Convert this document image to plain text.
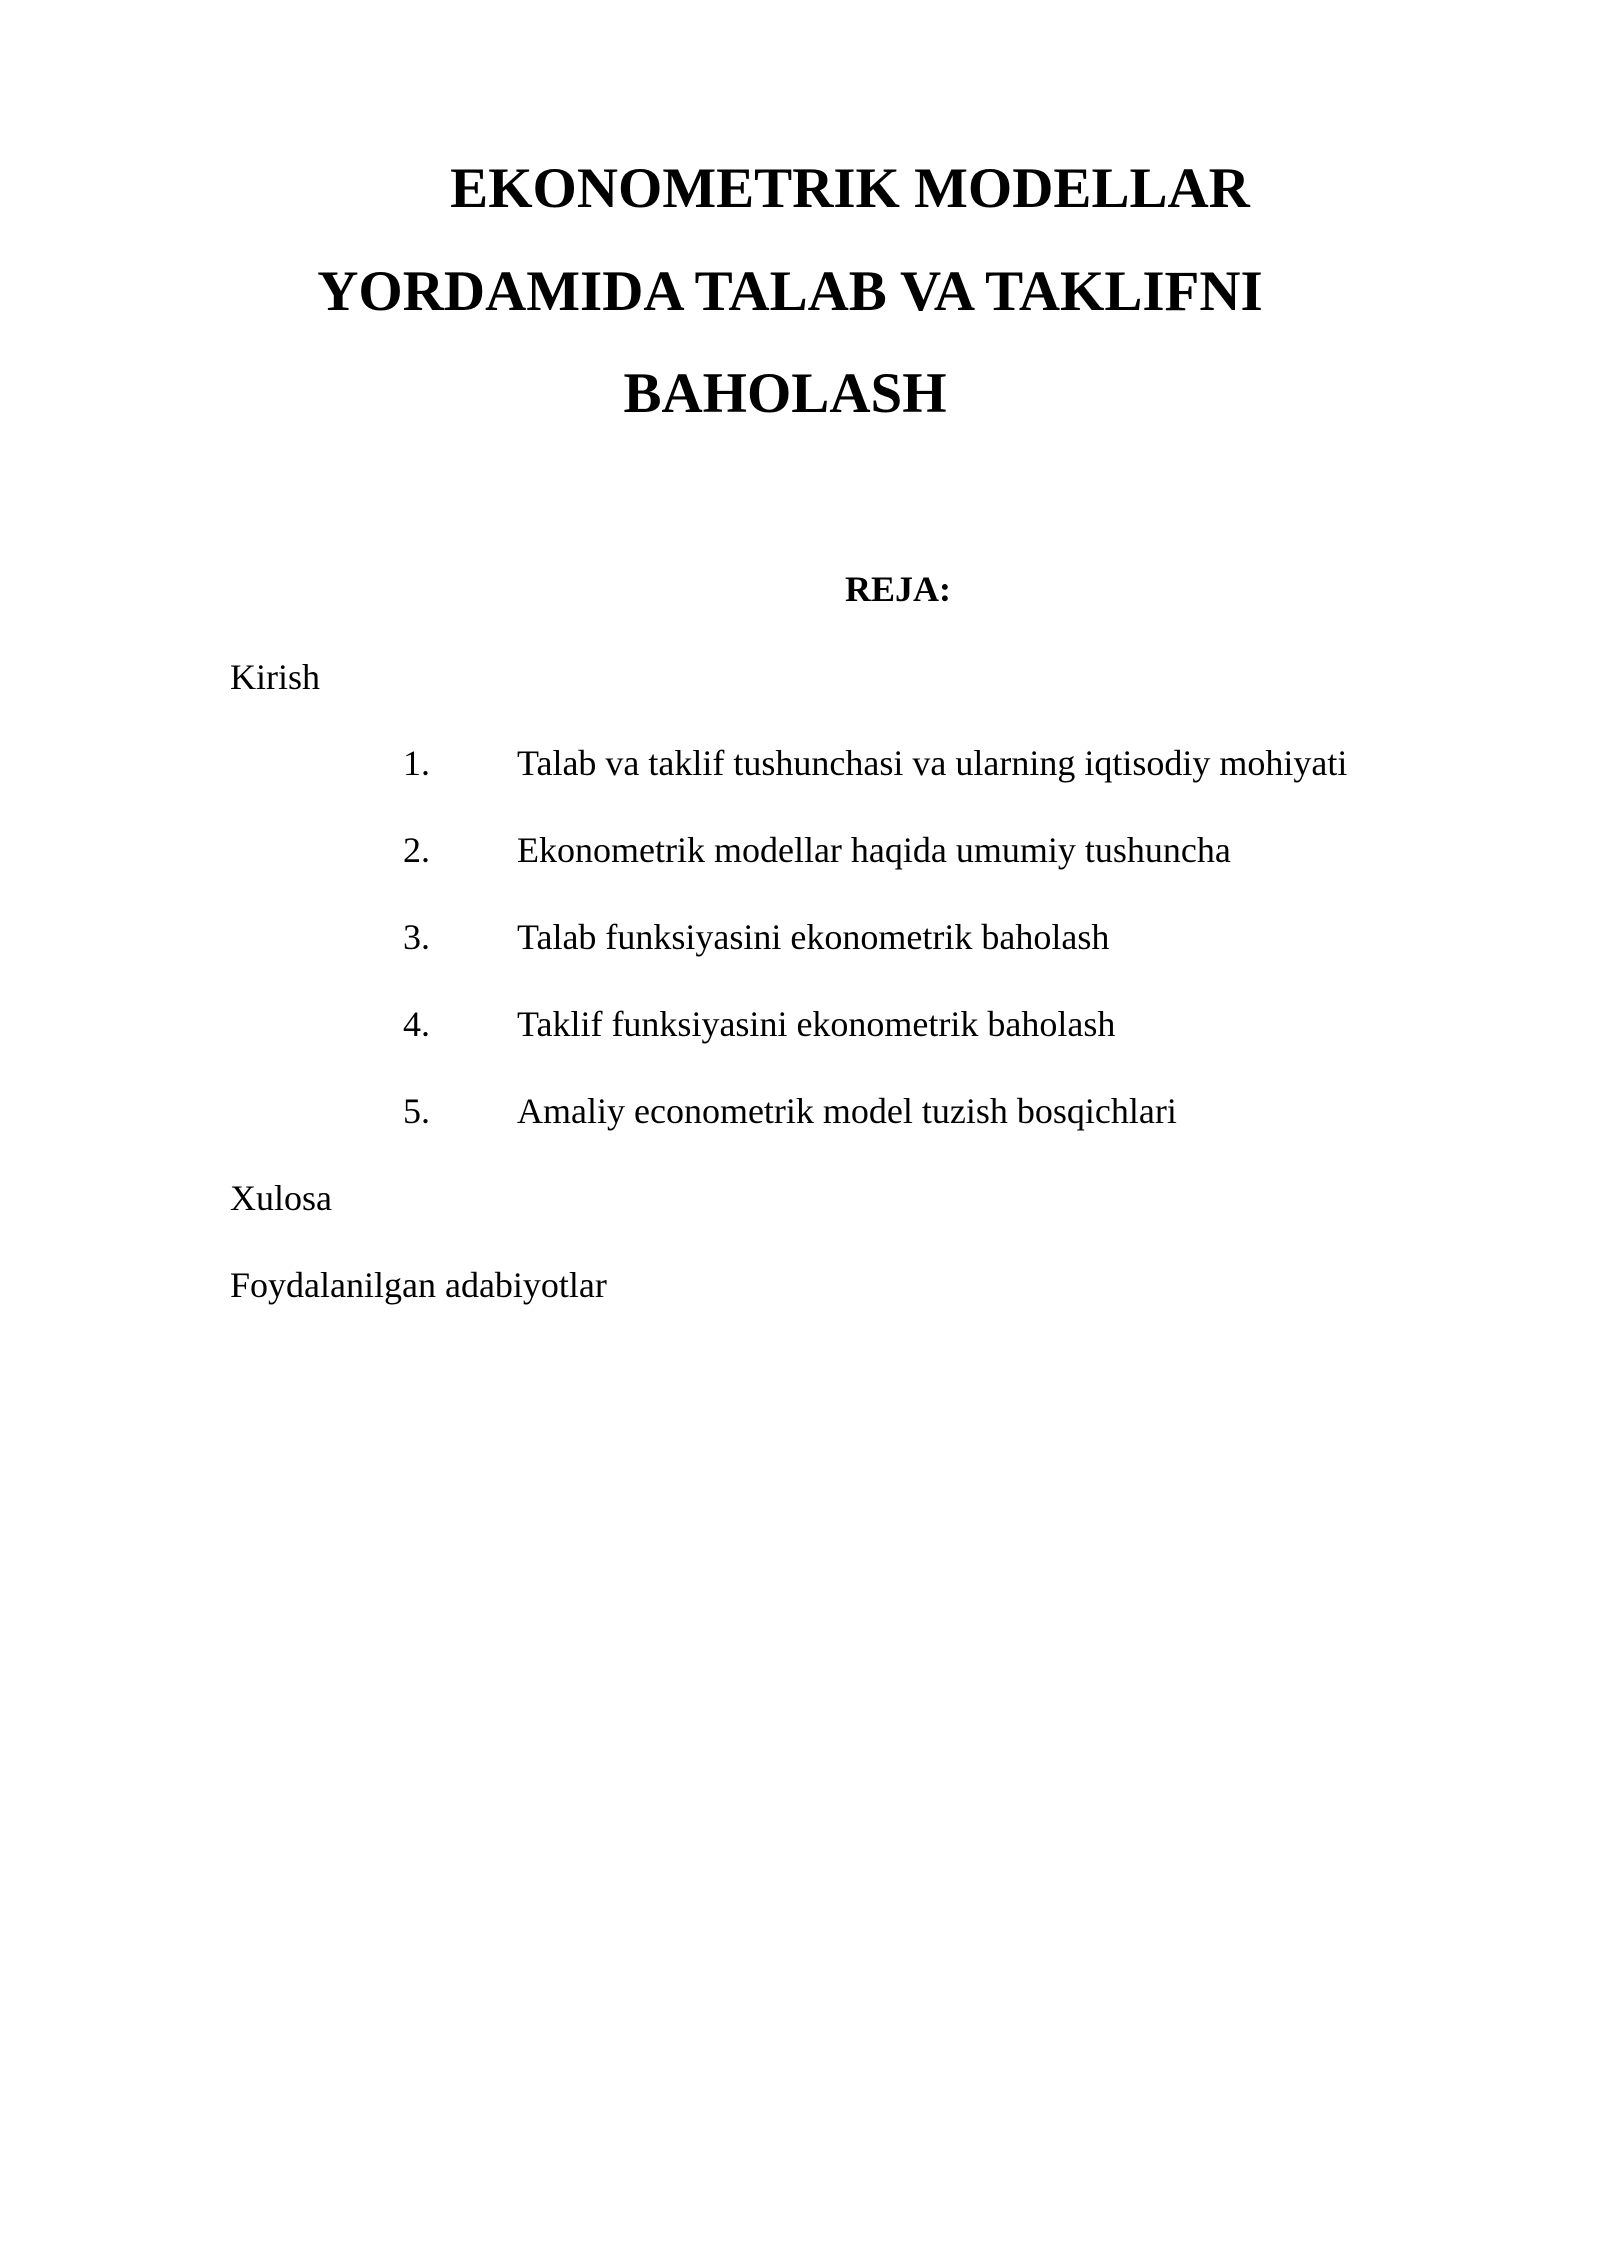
EKONOMETRIK MODELLAR
YORDAMIDA TALAB VA TAKLIFNI
BAHOLASH
REJA:
Kirish
1. Talab va taklif tushunchasi va ularning iqtisodiy mohiyati
2. Ekonometrik modellar haqida umumiy tushuncha
3. Talab funksiyasini ekonometrik baholash
4. Taklif funksiyasini ekonometrik baholash
5. Amaliy econometrik model tuzish bosqichlari
Xulosa
Foydalanilgan adabiyotlar
